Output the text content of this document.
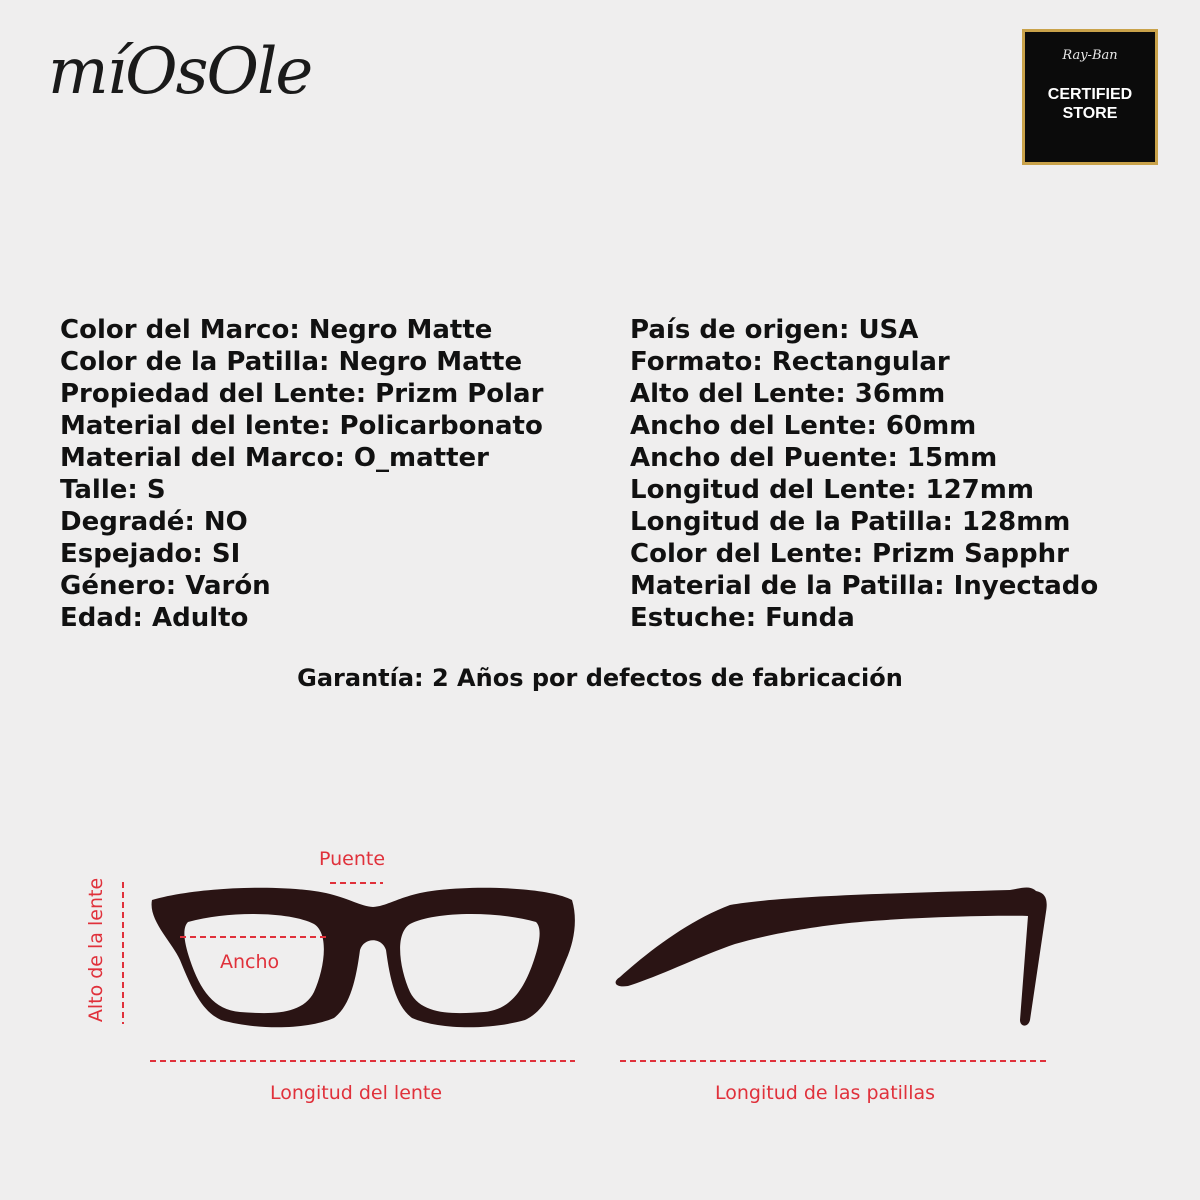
míOsOle	Ray-Ban
CERTIFIED
STORE
Color del Marco: Negro Matte
Color de la Patilla: Negro Matte
Propiedad del Lente: Prizm Polar
Material del lente: Policarbonato
Material del Marco: O_matter
Talle: S
Degradé: NO
Espejado: SI
Género: Varón
Edad: Adulto
País de origen: USA
Formato: Rectangular
Alto del Lente: 36mm
Ancho del Lente: 60mm
Ancho del Puente: 15mm
Longitud del Lente: 127mm
Longitud de la Patilla: 128mm
Color del Lente: Prizm Sapphr
Material de la Patilla: Inyectado
Estuche: Funda
Garantía: 2 Años por defectos de fabricación
Puente
Ancho
Alto de la lente
Longitud del lente	Longitud de las patillas
